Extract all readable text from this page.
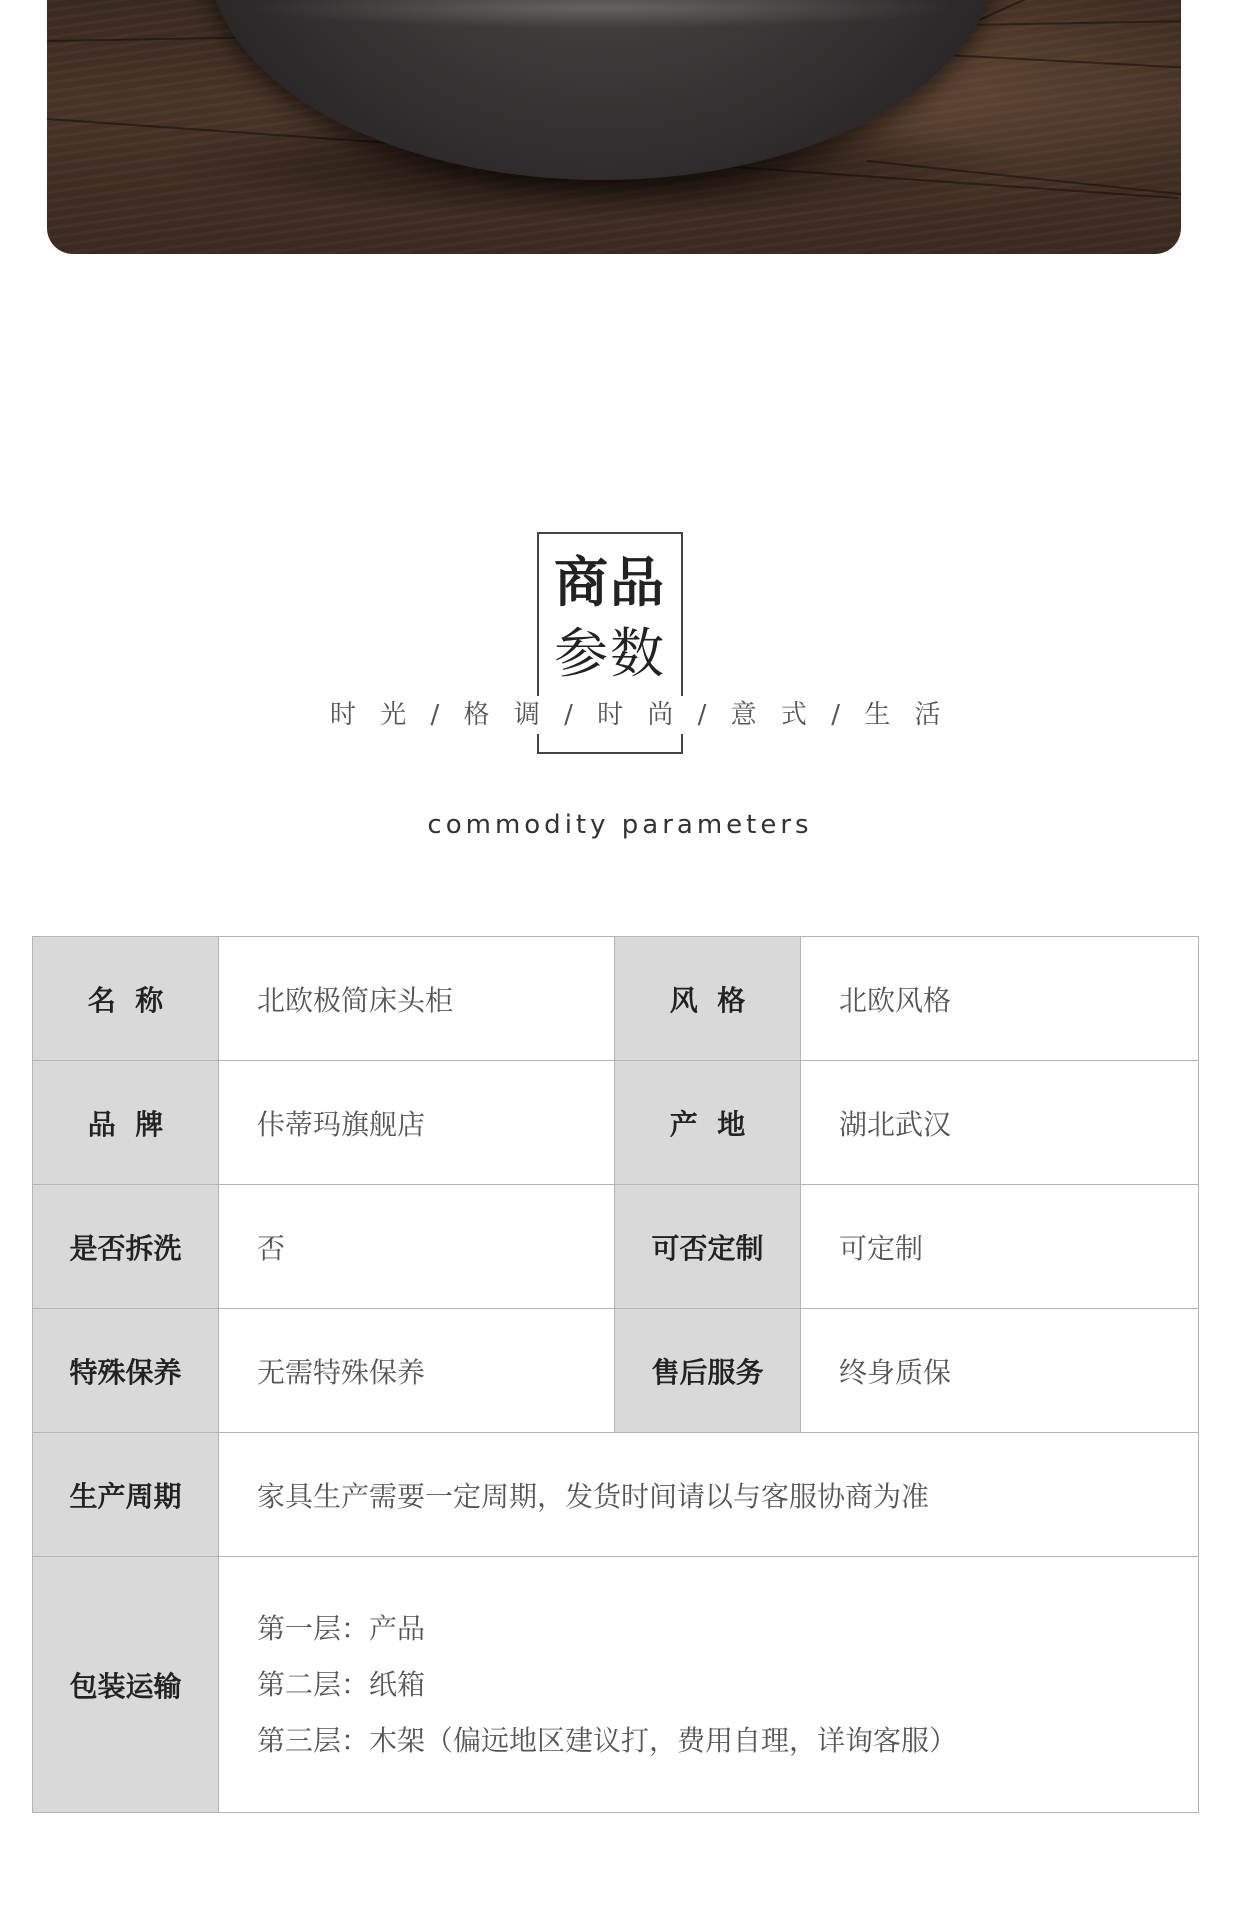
商品
参数
时 光 / 格 调 / 时 尚 / 意 式 / 生 活
commodity parameters
名  称	北欧极简床头柜	风  格	北欧风格
品  牌	佧蒂玛旗舰店	产  地	湖北武汉
是否拆洗	否	可否定制	可定制
特殊保养	无需特殊保养	售后服务	终身质保
生产周期	家具生产需要一定周期，发货时间请以与客服协商为准		
包装运输	第一层：产品
第二层：纸箱
第三层：木架（偏远地区建议打，费用自理，详询客服）		
